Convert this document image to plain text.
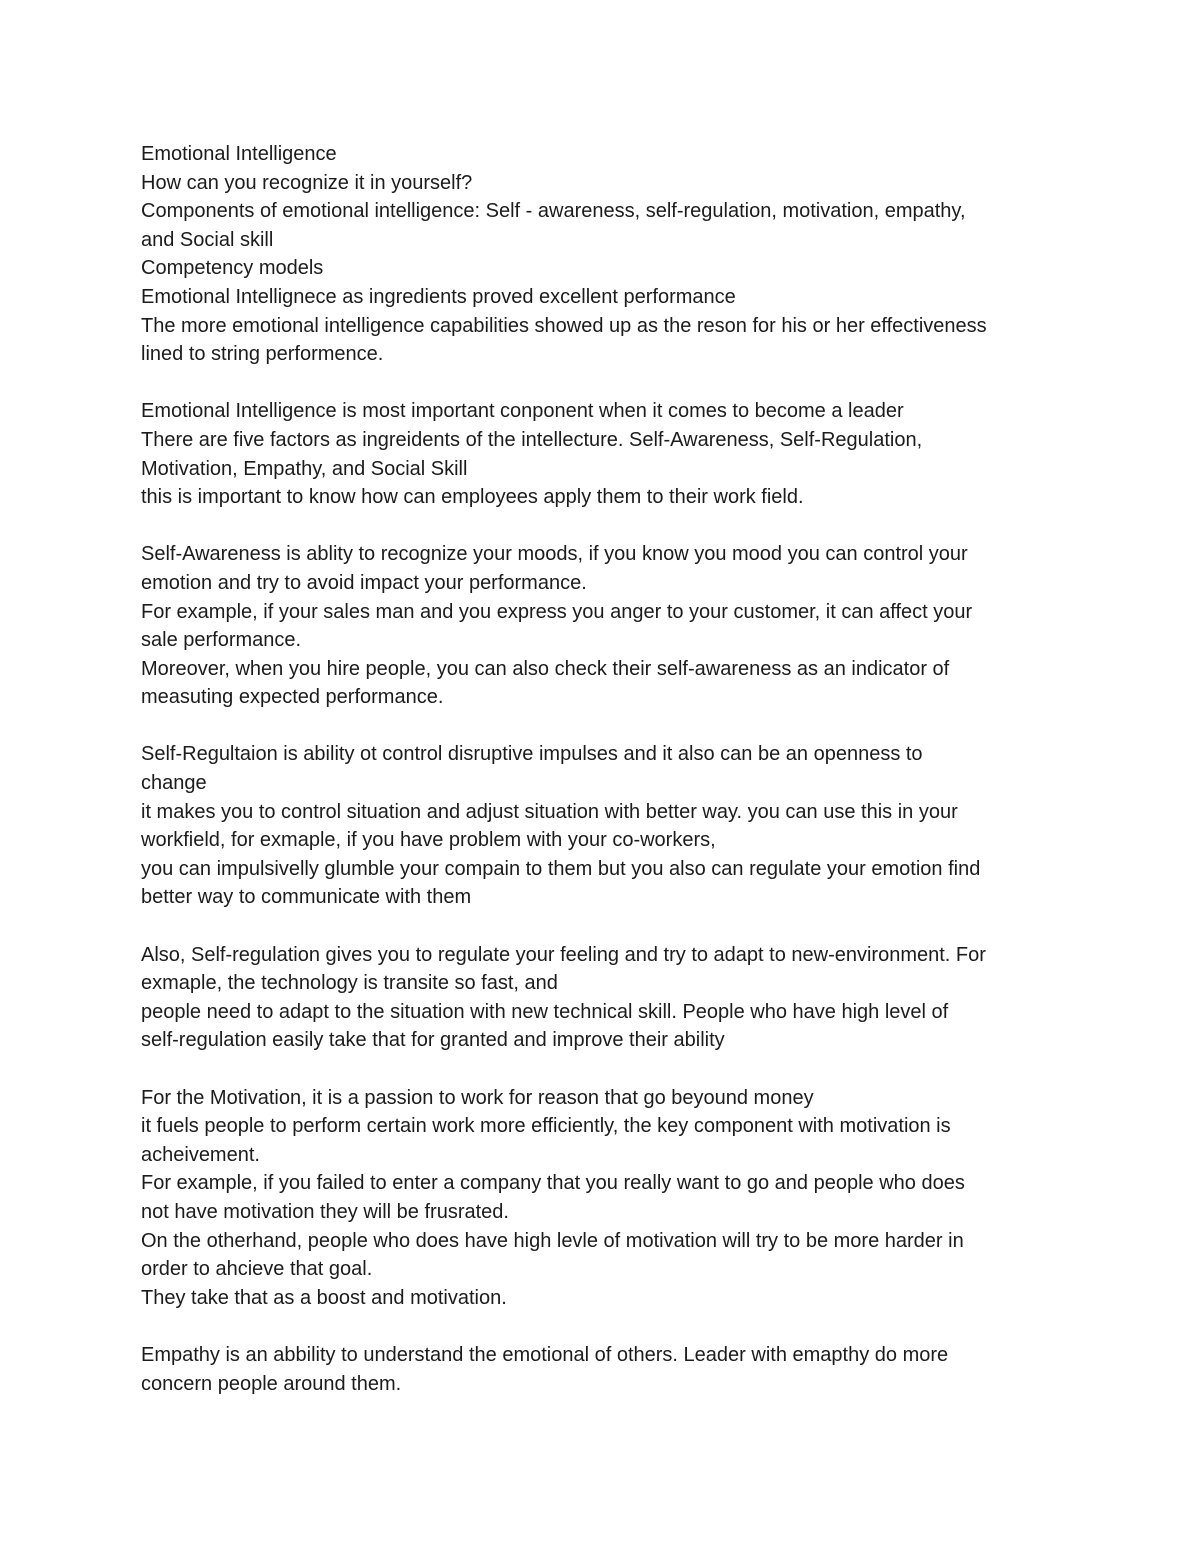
Emotional Intelligence
How can you recognize it in yourself?
Components of emotional intelligence: Self - awareness, self-regulation, motivation, empathy,
and Social skill
Competency models
Emotional Intellignece as ingredients proved excellent performance
The more emotional intelligence capabilities showed up as the reson for his or her effectiveness
lined to string performence.
Emotional Intelligence is most important conponent when it comes to become a leader
There are five factors as ingreidents of the intellecture. Self-Awareness, Self-Regulation,
Motivation, Empathy, and Social Skill
this is important to know how can employees apply them to their work field.
Self-Awareness is ablity to recognize your moods, if you know you mood you can control your
emotion and try to avoid impact your performance.
For example, if your sales man and you express you anger to your customer, it can affect your
sale performance.
Moreover, when you hire people, you can also check their self-awareness as an indicator of
measuting expected performance.
Self-Regultaion is ability ot control disruptive impulses and it also can be an openness to
change
it makes you to control situation and adjust situation with better way. you can use this in your
workfield, for exmaple, if you have problem with your co-workers,
you can impulsivelly glumble your compain to them but you also can regulate your emotion find
better way to communicate with them
Also, Self-regulation gives you to regulate your feeling and try to adapt to new-environment. For
exmaple, the technology is transite so fast, and
people need to adapt to the situation with new technical skill. People who have high level of
self-regulation easily take that for granted and improve their ability
For the Motivation, it is a passion to work for reason that go beyound money
it fuels people to perform certain work more efficiently, the key component with motivation is
acheivement.
For example, if you failed to enter a company that you really want to go and people who does
not have motivation they will be frusrated.
On the otherhand, people who does have high levle of motivation will try to be more harder in
order to ahcieve that goal.
They take that as a boost and motivation.
Empathy is an abbility to understand the emotional of others. Leader with emapthy do more
concern people around them.
